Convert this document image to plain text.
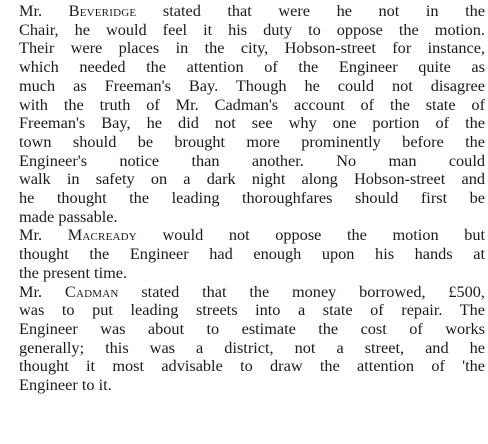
Mr. Beveridge stated that were he not in the
Chair, he would feel it his duty to oppose the motion.
Their were places in the city, Hobson-street for instance,
which needed the attention of the Engineer quite as
much as Freeman's Bay. Though he could not disagree
with the truth of Mr. Cadman's account of the state of
Freeman's Bay, he did not see why one portion of the
town should be brought more prominently before the
Engineer's notice than another. No man could
walk in safety on a dark night along Hobson-street and
he thought the leading thoroughfares should first be
made passable.
Mr. Macready would not oppose the motion but
thought the Engineer had enough upon his hands at
the present time.
Mr. Cadman stated that the money borrowed, £500,
was to put leading streets into a state of repair. The
Engineer was about to estimate the cost of works
generally; this was a district, not a street, and he
thought it most advisable to draw the attention of 'the
Engineer to it.
